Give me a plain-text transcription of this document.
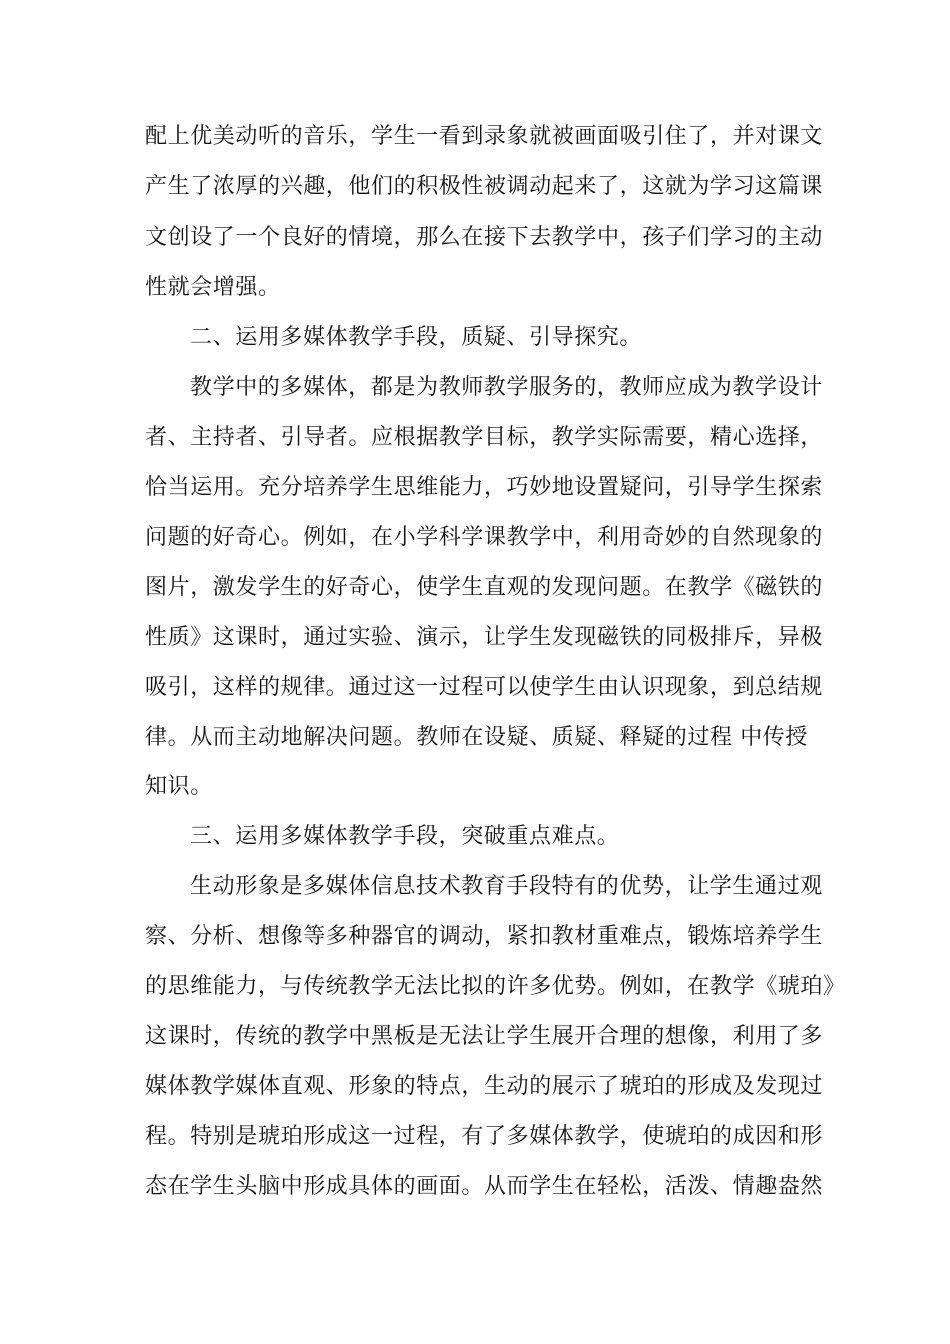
配上优美动听的音乐，学生一看到录象就被画面吸引住了，并对课文
产生了浓厚的兴趣，他们的积极性被调动起来了，这就为学习这篇课
文创设了一个良好的情境，那么在接下去教学中，孩子们学习的主动
性就会增强。
二、运用多媒体教学手段，质疑、引导探究。
教学中的多媒体，都是为教师教学服务的，教师应成为教学设计
者、主持者、引导者。应根据教学目标，教学实际需要，精心选择，
恰当运用。充分培养学生思维能力，巧妙地设置疑问，引导学生探索
问题的好奇心。例如，在小学科学课教学中，利用奇妙的自然现象的
图片，激发学生的好奇心，使学生直观的发现问题。在教学《磁铁的
性质》这课时，通过实验、演示，让学生发现磁铁的同极排斥，异极
吸引，这样的规律。通过这一过程可以使学生由认识现象，到总结规
律。从而主动地解决问题。教师在设疑、质疑、释疑的过程 中传授
知识。
三、运用多媒体教学手段，突破重点难点。
生动形象是多媒体信息技术教育手段特有的优势，让学生通过观
察、分析、想像等多种器官的调动，紧扣教材重难点，锻炼培养学生
的思维能力，与传统教学无法比拟的许多优势。例如，在教学《琥珀》
这课时，传统的教学中黑板是无法让学生展开合理的想像，利用了多
媒体教学媒体直观、形象的特点，生动的展示了琥珀的形成及发现过
程。特别是琥珀形成这一过程，有了多媒体教学，使琥珀的成因和形
态在学生头脑中形成具体的画面。从而学生在轻松，活泼、情趣盎然
